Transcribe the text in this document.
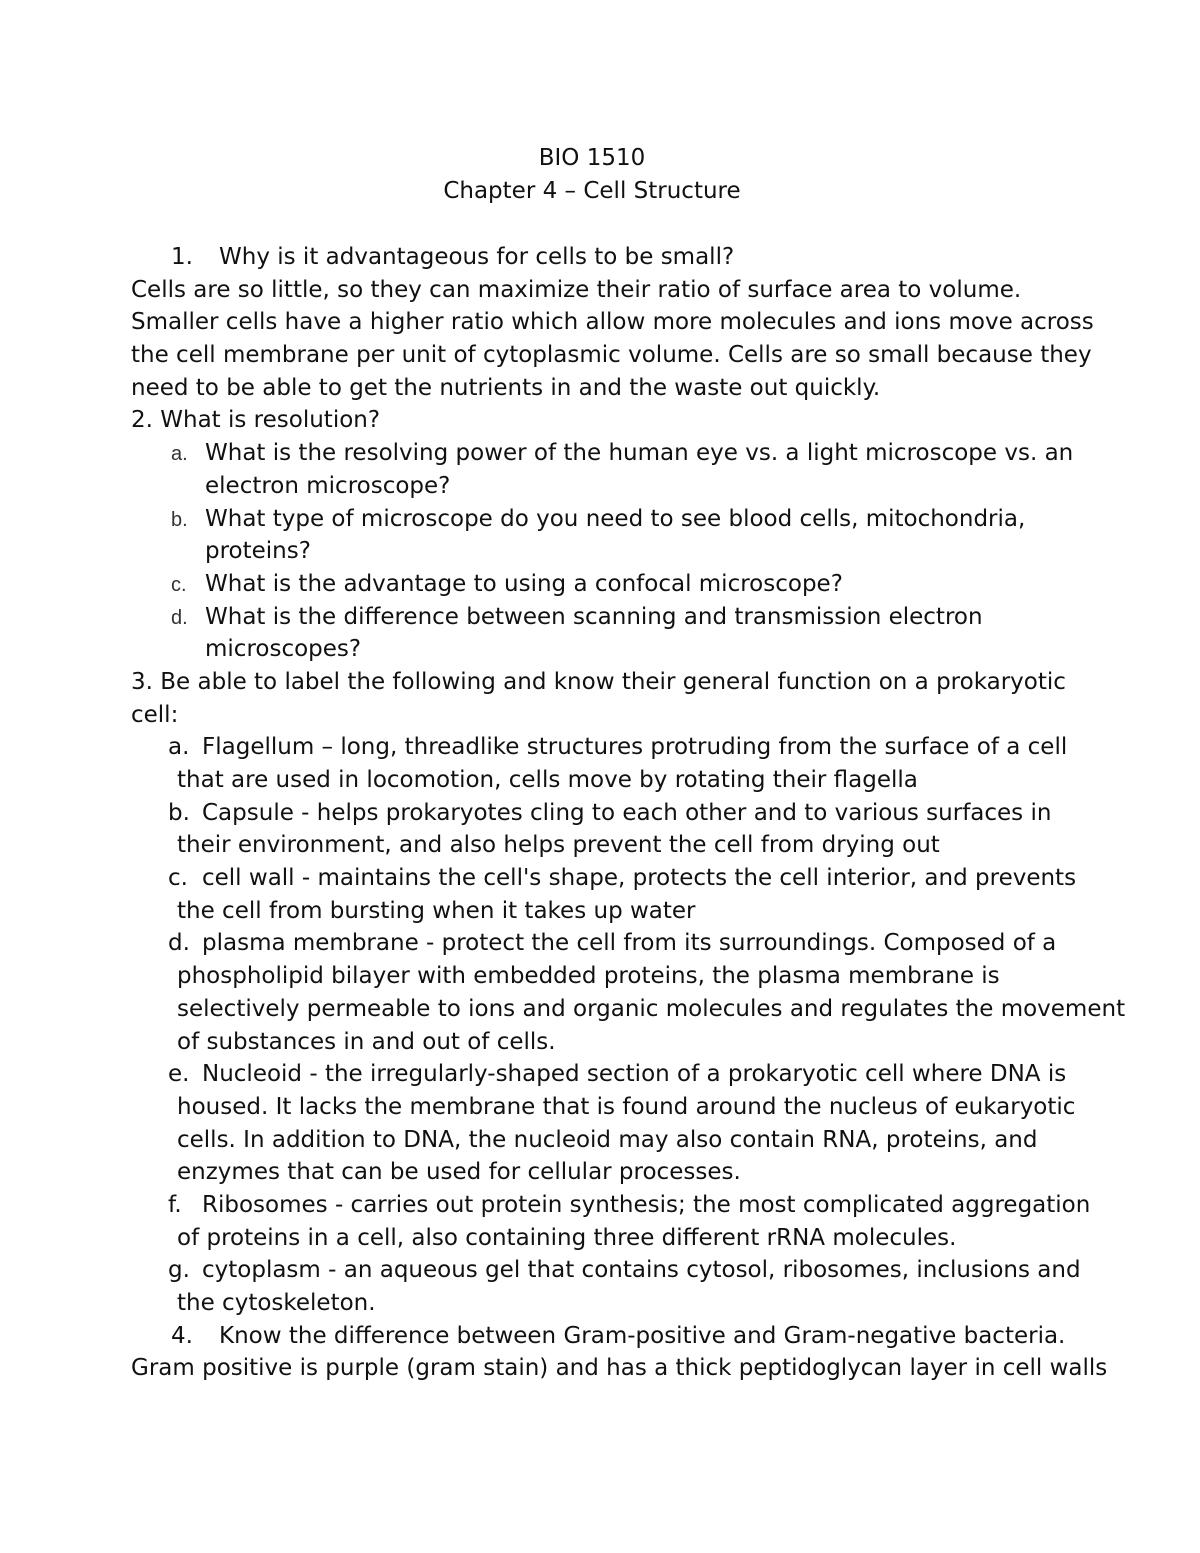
BIO 1510
Chapter 4 – Cell Structure
1. Why is it advantageous for cells to be small?
Cells are so little, so they can maximize their ratio of surface area to volume.
Smaller cells have a higher ratio which allow more molecules and ions move across
the cell membrane per unit of cytoplasmic volume. Cells are so small because they
need to be able to get the nutrients in and the waste out quickly.
2. What is resolution?
a. What is the resolving power of the human eye vs. a light microscope vs. an
electron microscope?
b. What type of microscope do you need to see blood cells, mitochondria,
proteins?
c. What is the advantage to using a confocal microscope?
d. What is the difference between scanning and transmission electron
microscopes?
3. Be able to label the following and know their general function on a prokaryotic
cell:
a. Flagellum – long, threadlike structures protruding from the surface of a cell
that are used in locomotion, cells move by rotating their flagella
b. Capsule - helps prokaryotes cling to each other and to various surfaces in
their environment, and also helps prevent the cell from drying out
c. cell wall - maintains the cell's shape, protects the cell interior, and prevents
the cell from bursting when it takes up water
d. plasma membrane - protect the cell from its surroundings. Composed of a
phospholipid bilayer with embedded proteins, the plasma membrane is
selectively permeable to ions and organic molecules and regulates the movement
of substances in and out of cells.
e. Nucleoid - the irregularly-shaped section of a prokaryotic cell where DNA is
housed. It lacks the membrane that is found around the nucleus of eukaryotic
cells. In addition to DNA, the nucleoid may also contain RNA, proteins, and
enzymes that can be used for cellular processes.
f. Ribosomes - carries out protein synthesis; the most complicated aggregation
of proteins in a cell, also containing three different rRNA molecules.
g. cytoplasm - an aqueous gel that contains cytosol, ribosomes, inclusions and
the cytoskeleton.
4. Know the difference between Gram-positive and Gram-negative bacteria.
Gram positive is purple (gram stain) and has a thick peptidoglycan layer in cell walls
